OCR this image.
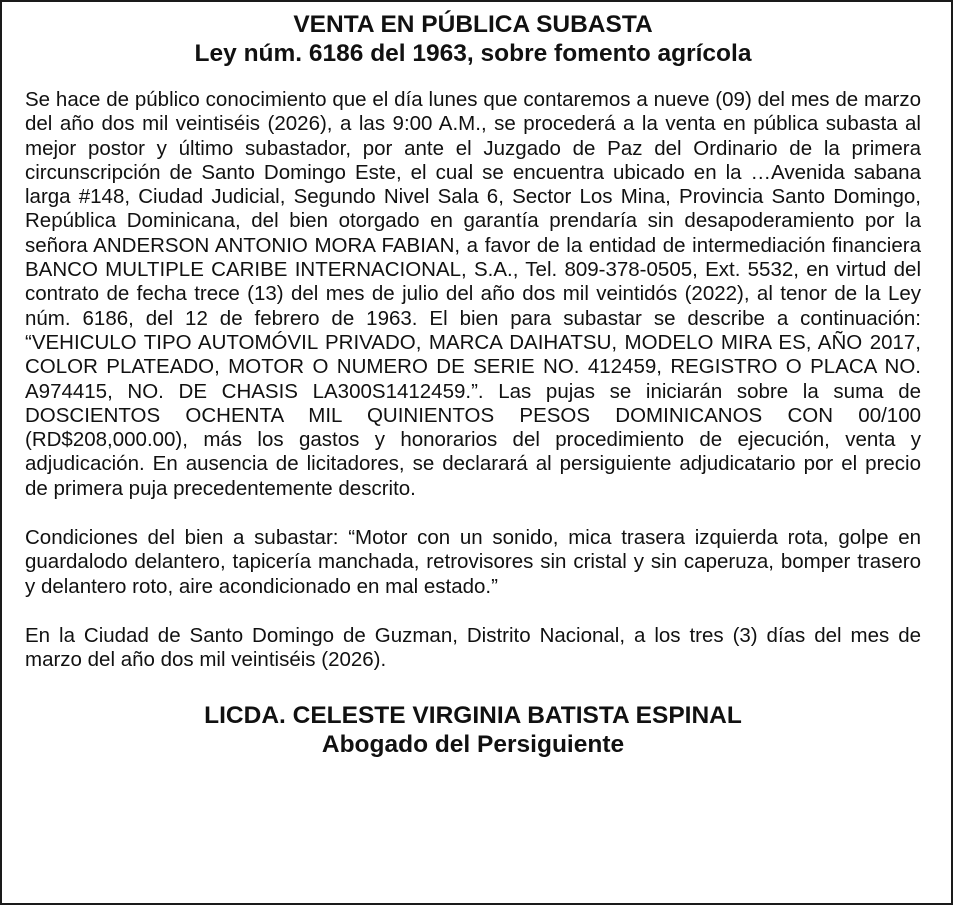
VENTA EN PÚBLICA SUBASTA
Ley núm. 6186 del 1963, sobre fomento agrícola

Se hace de público conocimiento que el día lunes que contaremos a nueve (09) del mes de marzo del año dos mil veintiséis (2026), a las 9:00 A.M., se procederá a la venta en pública subasta al mejor postor y último subastador, por ante el Juzgado de Paz del Ordinario de la primera circunscripción de Santo Domingo Este, el cual se encuentra ubicado en la …Avenida sabana larga #148, Ciudad Judicial, Segundo Nivel Sala 6, Sector Los Mina, Provincia Santo Domingo, República Dominicana, del bien otorgado en garantía prendaría sin desapoderamiento por la señora ANDERSON ANTONIO MORA FABIAN, a favor de la entidad de intermediación financiera BANCO MULTIPLE CARIBE INTERNACIONAL, S.A., Tel. 809-378-0505, Ext. 5532, en virtud del contrato de fecha trece (13) del mes de julio del año dos mil veintidós (2022), al tenor de la Ley núm. 6186, del 12 de febrero de 1963. El bien para subastar se describe a continuación: “VEHICULO TIPO AUTOMÓVIL PRIVADO, MARCA DAIHATSU, MODELO MIRA ES, AÑO 2017, COLOR PLATEADO, MOTOR O NUMERO DE SERIE NO. 412459, REGISTRO O PLACA NO. A974415, NO. DE CHASIS LA300S1412459.”. Las pujas se iniciarán sobre la suma de DOSCIENTOS OCHENTA MIL QUINIENTOS PESOS DOMINICANOS CON 00/100 (RD$208,000.00), más los gastos y honorarios del procedimiento de ejecución, venta y adjudicación. En ausencia de licitadores, se declarará al persiguiente adjudicatario por el precio de primera puja precedentemente descrito.

Condiciones del bien a subastar: “Motor con un sonido, mica trasera izquierda rota, golpe en guardalodo delantero, tapicería manchada, retrovisores sin cristal y sin caperuza, bomper trasero y delantero roto, aire acondicionado en mal estado.”

En la Ciudad de Santo Domingo de Guzman, Distrito Nacional, a los tres (3) días del mes de marzo del año dos mil veintiséis (2026).

LICDA. CELESTE VIRGINIA BATISTA ESPINAL
Abogado del Persiguiente
